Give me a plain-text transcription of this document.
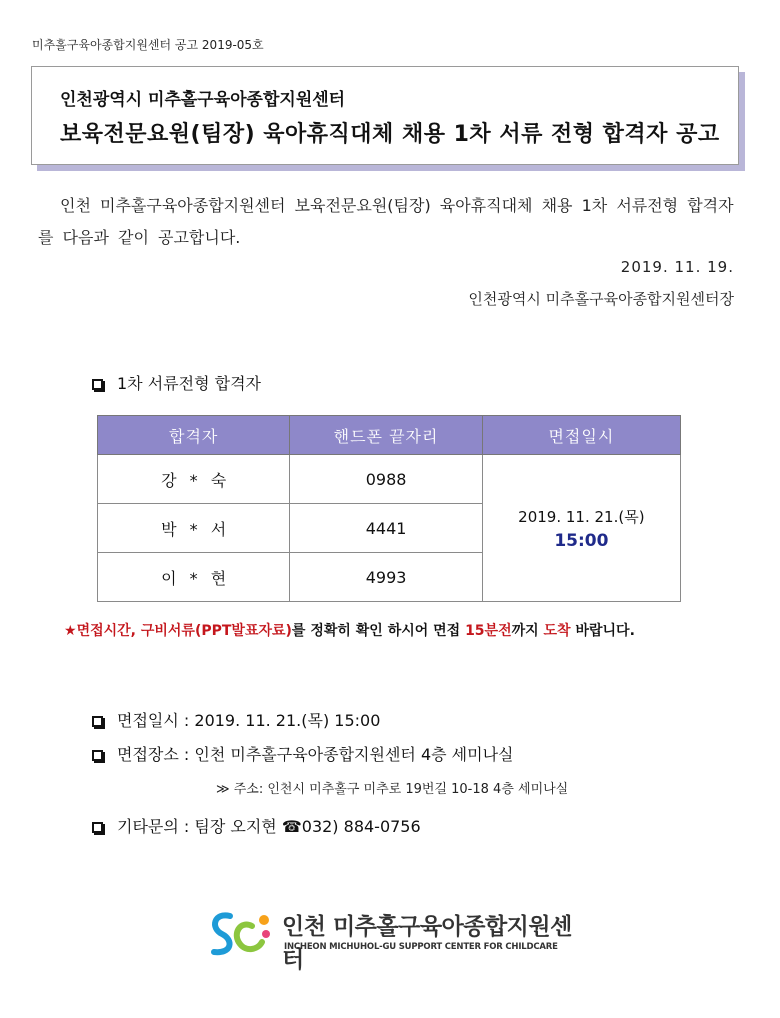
미추홀구육아종합지원센터 공고 2019-05호
인천광역시 미추홀구육아종합지원센터
보육전문요원(팀장) 육아휴직대체 채용 1차 서류 전형 합격자 공고

인천 미추홀구육아종합지원센터 보육전문요원(팀장) 육아휴직대체 채용 1차 서류전형 합격자를 다음과 같이 공고합니다.

2019. 11. 19.
인천광역시 미추홀구육아종합지원센터장
1차 서류전형 합격자
합격자	핸드폰 끝자리	면접일시
강 * 숙	0988	2019. 11. 21.(목)
15:00

박 * 서	4441	
이 * 현	4993	
★면접시간, 구비서류(PPT발표자료)를 정확히 확인 하시어 면접 15분전까지 도착 바랍니다.
면접일시 : 2019. 11. 21.(목) 15:00
면접장소 : 인천 미추홀구육아종합지원센터 4층 세미나실
≫ 주소: 인천시 미추홀구 미추로 19번길 10-18 4층 세미나실
기타문의 : 팀장 오지현 ☎032) 884-0756
인천 미추홀구육아종합지원센터
INCHEON MICHUHOL-GU SUPPORT CENTER FOR CHILDCARE
